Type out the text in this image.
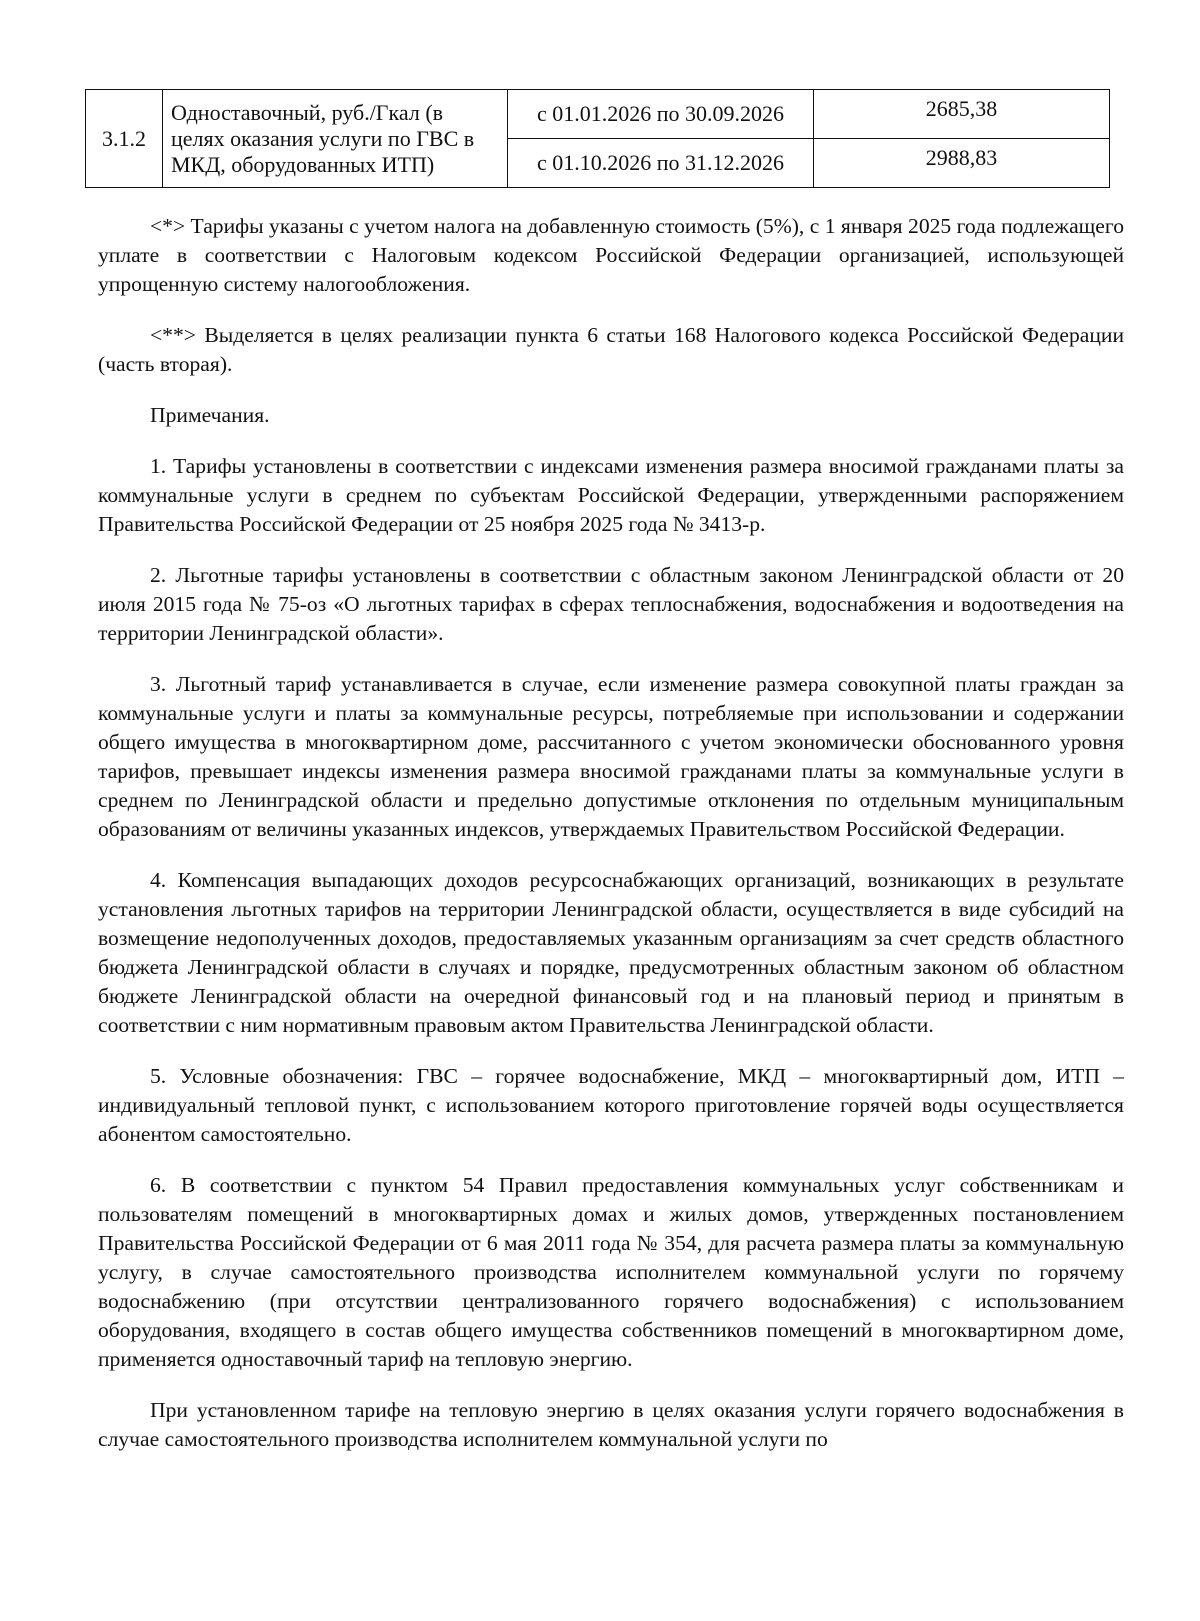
3.1.2	Одноставочный, руб./Гкал (в целях оказания услуги по ГВС в МКД, оборудованных ИТП)	с 01.01.2026 по 30.09.2026	2685,38
		с 01.10.2026 по 31.12.2026	2988,83

<*> Тарифы указаны с учетом налога на добавленную стоимость (5%), с 1 января 2025 года подлежащего уплате в соответствии с Налоговым кодексом Российской Федерации организацией, использующей упрощенную систему налогообложения.

<**> Выделяется в целях реализации пункта 6 статьи 168 Налогового кодекса Российской Федерации (часть вторая).

Примечания.

1. Тарифы установлены в соответствии с индексами изменения размера вносимой гражданами платы за коммунальные услуги в среднем по субъектам Российской Федерации, утвержденными распоряжением Правительства Российской Федерации от 25 ноября 2025 года № 3413-р.

2. Льготные тарифы установлены в соответствии с областным законом Ленинградской области от 20 июля 2015 года № 75-оз «О льготных тарифах в сферах теплоснабжения, водоснабжения и водоотведения на территории Ленинградской области».

3. Льготный тариф устанавливается в случае, если изменение размера совокупной платы граждан за коммунальные услуги и платы за коммунальные ресурсы, потребляемые при использовании и содержании общего имущества в многоквартирном доме, рассчитанного с учетом экономически обоснованного уровня тарифов, превышает индексы изменения размера вносимой гражданами платы за коммунальные услуги в среднем по Ленинградской области и предельно допустимые отклонения по отдельным муниципальным образованиям от величины указанных индексов, утверждаемых Правительством Российской Федерации.

4. Компенсация выпадающих доходов ресурсоснабжающих организаций, возникающих в результате установления льготных тарифов на территории Ленинградской области, осуществляется в виде субсидий на возмещение недополученных доходов, предоставляемых указанным организациям за счет средств областного бюджета Ленинградской области в случаях и порядке, предусмотренных областным законом об областном бюджете Ленинградской области на очередной финансовый год и на плановый период и принятым в соответствии с ним нормативным правовым актом Правительства Ленинградской области.

5. Условные обозначения: ГВС – горячее водоснабжение, МКД – многоквартирный дом, ИТП – индивидуальный тепловой пункт, с использованием которого приготовление горячей воды осуществляется абонентом самостоятельно.

6. В соответствии с пунктом 54 Правил предоставления коммунальных услуг собственникам и пользователям помещений в многоквартирных домах и жилых домов, утвержденных постановлением Правительства Российской Федерации от 6 мая 2011 года № 354, для расчета размера платы за коммунальную услугу, в случае самостоятельного производства исполнителем коммунальной услуги по горячему водоснабжению (при отсутствии централизованного горячего водоснабжения) с использованием оборудования, входящего в состав общего имущества собственников помещений в многоквартирном доме, применяется одноставочный тариф на тепловую энергию.

При установленном тарифе на тепловую энергию в целях оказания услуги горячего водоснабжения в случае самостоятельного производства исполнителем коммунальной услуги по
